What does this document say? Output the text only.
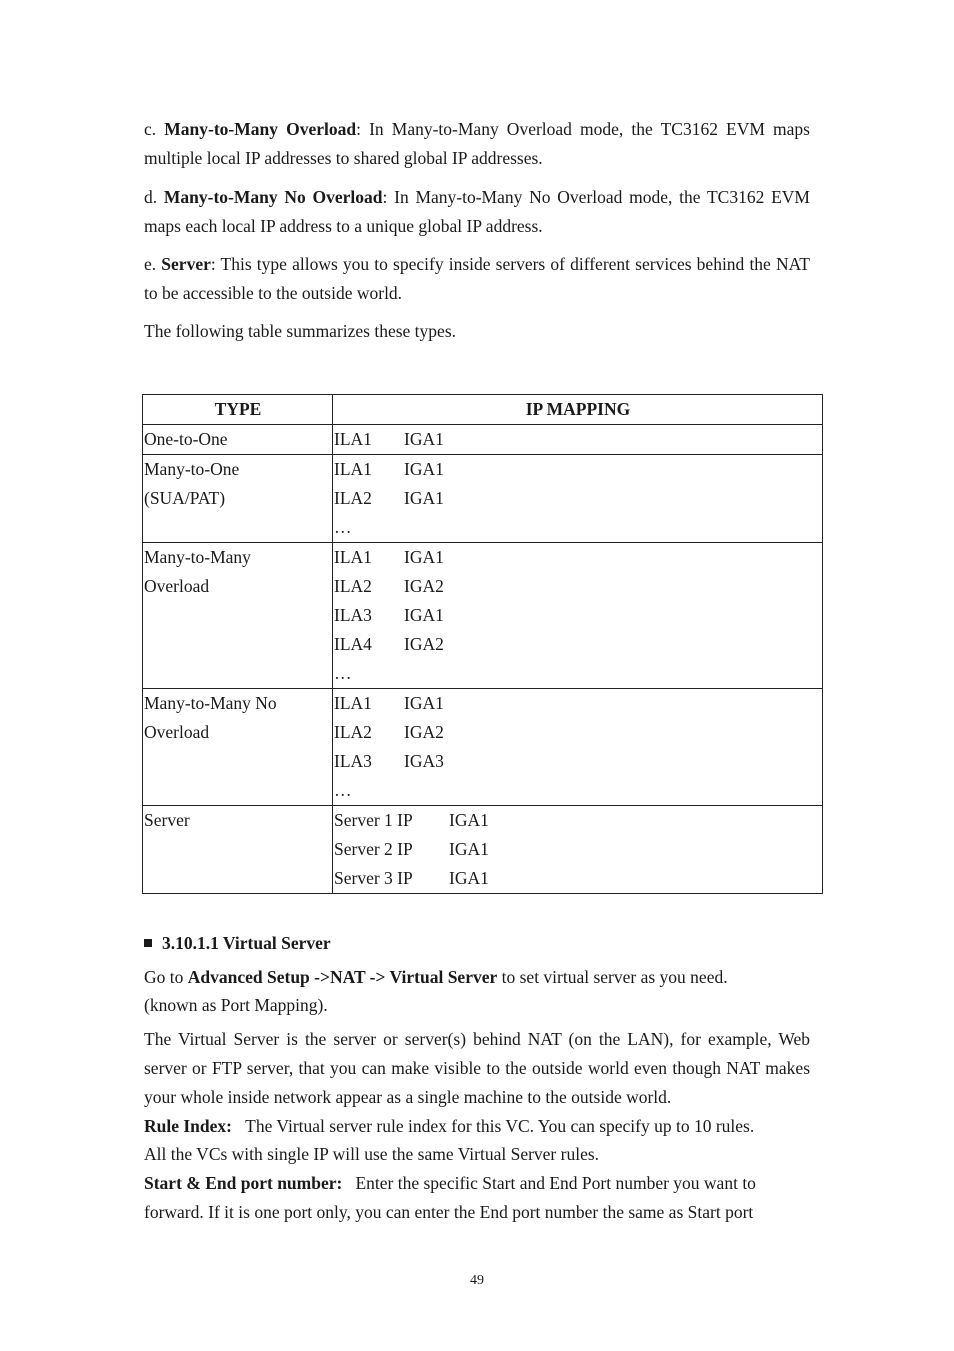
c. Many-to-Many Overload: In Many-to-Many Overload mode, the TC3162 EVM maps multiple local IP addresses to shared global IP addresses.

d. Many-to-Many No Overload: In Many-to-Many No Overload mode, the TC3162 EVM maps each local IP address to a unique global IP address.

e. Server: This type allows you to specify inside servers of different services behind the NAT to be accessible to the outside world.

The following table summarizes these types.

TYPE	IP MAPPING

One-to-One	ILA1 IGA1

Many-to-One
(SUA/PAT)	ILA1 IGA1
ILA2 IGA1
…

Many-to-Many
Overload	ILA1 IGA1
ILA2 IGA2
ILA3 IGA1
ILA4 IGA2
…

Many-to-Many No
Overload	ILA1 IGA1
ILA2 IGA2
ILA3 IGA3
…

Server	Server 1 IP IGA1
Server 2 IP IGA1
Server 3 IP IGA1
3.10.1.1 Virtual Server

Go to Advanced Setup ->NAT -> Virtual Server to set virtual server as you need.

(known as Port Mapping).

The Virtual Server is the server or server(s) behind NAT (on the LAN), for example, Web server or FTP server, that you can make visible to the outside world even though NAT makes your whole inside network appear as a single machine to the outside world.

Rule Index: The Virtual server rule index for this VC. You can specify up to 10 rules.

All the VCs with single IP will use the same Virtual Server rules.

Start & End port number: Enter the specific Start and End Port number you want to

forward. If it is one port only, you can enter the End port number the same as Start port

49
